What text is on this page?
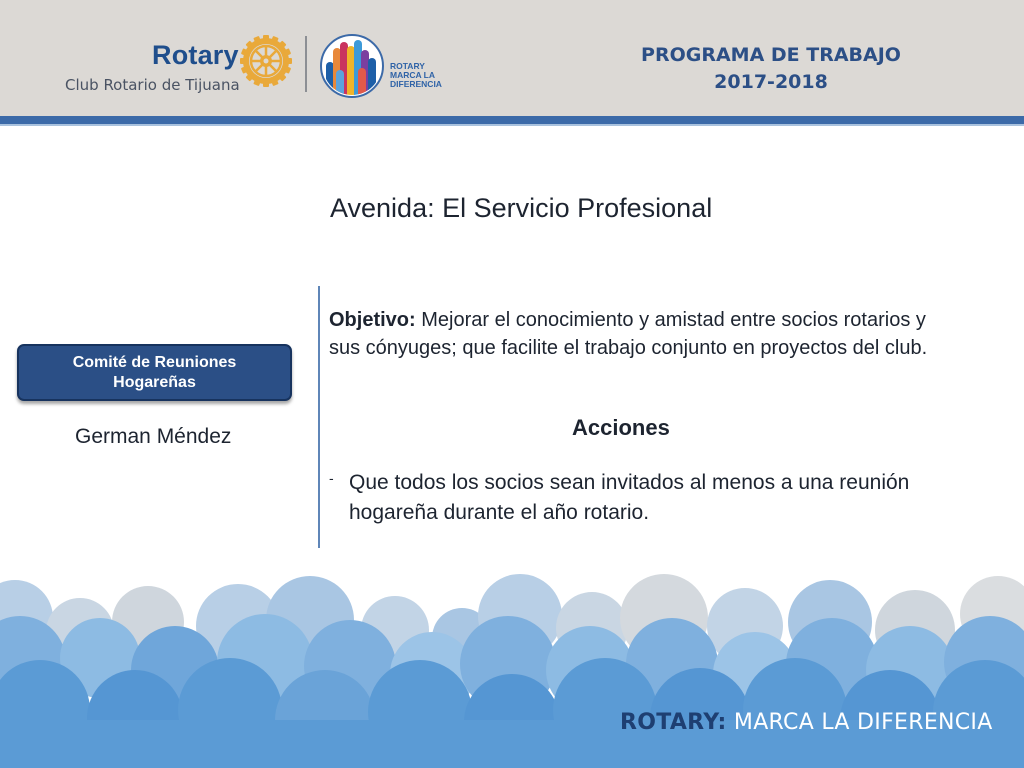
Rotary
Club Rotario de Tijuana
ROTARY
MARCA LA
DIFERENCIA
PROGRAMA DE TRABAJO
2017-2018
Avenida: El Servicio Profesional
Comité de Reuniones
Hogareñas
German Méndez
Objetivo: Mejorar el conocimiento y amistad entre socios rotarios y sus cónyuges; que facilite el trabajo conjunto en proyectos del club.
Acciones
- Que todos los socios sean invitados al menos a una reunión hogareña durante el año rotario.
ROTARY: MARCA LA DIFERENCIA
